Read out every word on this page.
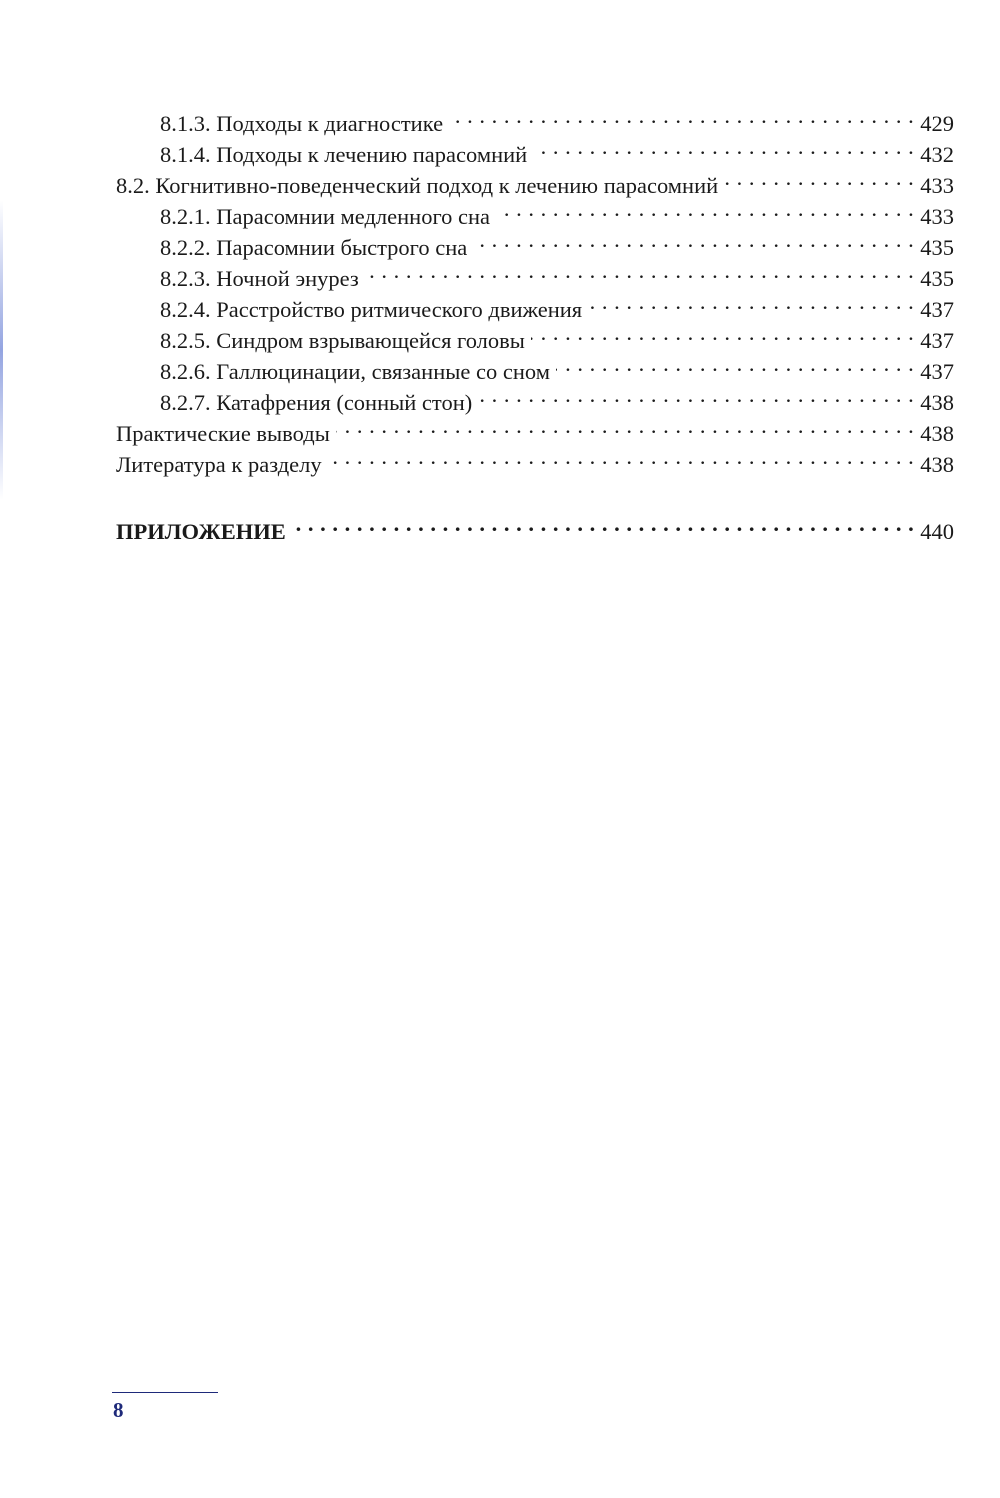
8.1.3. Подходы к диагностике . . .	429
8.1.4. Подходы к лечению парасомний . . .	432
8.2. Когнитивно-поведенческий подход к лечению парасомний . . .	433
8.2.1. Парасомнии медленного сна . . .	433
8.2.2. Парасомнии быстрого сна . . .	435
8.2.3. Ночной энурез . . .	435
8.2.4. Расстройство ритмического движения . . .	437
8.2.5. Синдром взрывающейся головы . . .	437
8.2.6. Галлюцинации, связанные со сном . . .	437
8.2.7. Катафрения (сонный стон) . . .	438
Практические выводы . . .	438
Литература к разделу . . .	438
ПРИЛОЖЕНИЕ . . .	440
8
